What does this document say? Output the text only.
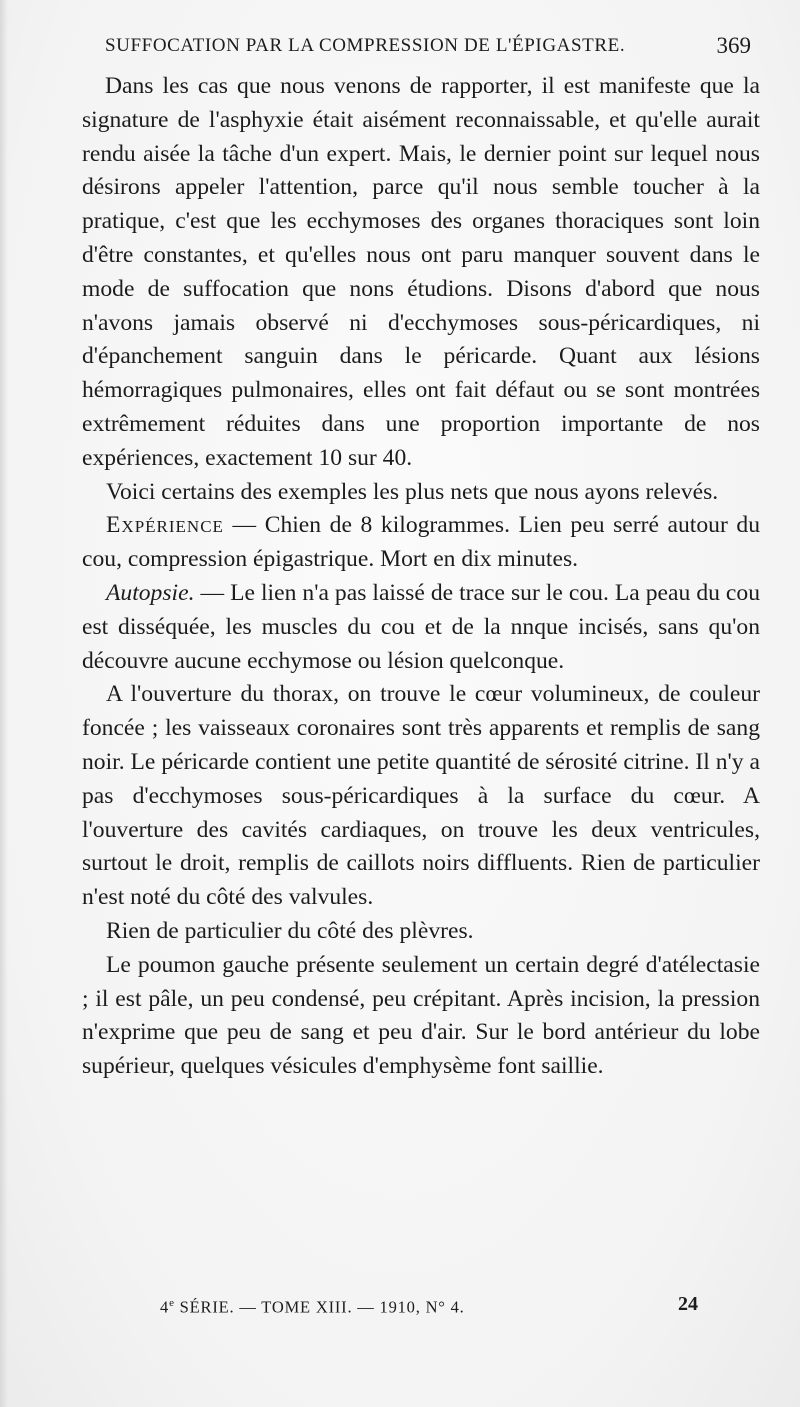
SUFFOCATION PAR LA COMPRESSION DE L'ÉPIGASTRE.	369

Dans les cas que nous venons de rapporter, il est manifeste que la signature de l'asphyxie était aisément reconnaissable, et qu'elle aurait rendu aisée la tâche d'un expert. Mais, le dernier point sur lequel nous désirons appeler l'attention, parce qu'il nous semble toucher à la pratique, c'est que les ecchymoses des organes thoraciques sont loin d'être constantes, et qu'elles nous ont paru manquer souvent dans le mode de suffocation que nons étudions. Disons d'abord que nous n'avons jamais observé ni d'ecchymoses sous-péricardiques, ni d'épanchement sanguin dans le péricarde. Quant aux lésions hémorragiques pulmonaires, elles ont fait défaut ou se sont montrées extrêmement réduites dans une proportion importante de nos expériences, exactement 10 sur 40.

Voici certains des exemples les plus nets que nous ayons relevés.

Expérience — Chien de 8 kilogrammes. Lien peu serré autour du cou, compression épigastrique. Mort en dix minutes.

Autopsie. — Le lien n'a pas laissé de trace sur le cou. La peau du cou est disséquée, les muscles du cou et de la nnque incisés, sans qu'on découvre aucune ecchymose ou lésion quelconque.

A l'ouverture du thorax, on trouve le cœur volumineux, de couleur foncée ; les vaisseaux coronaires sont très apparents et remplis de sang noir. Le péricarde contient une petite quantité de sérosité citrine. Il n'y a pas d'ecchymoses sous-péricardiques à la surface du cœur. A l'ouverture des cavités cardiaques, on trouve les deux ventricules, surtout le droit, remplis de caillots noirs diffluents. Rien de particulier n'est noté du côté des valvules.

Rien de particulier du côté des plèvres.

Le poumon gauche présente seulement un certain degré d'atélectasie ; il est pâle, un peu condensé, peu crépitant. Après incision, la pression n'exprime que peu de sang et peu d'air. Sur le bord antérieur du lobe supérieur, quelques vésicules d'emphysème font saillie.

4e SÉRIE. — TOME XIII. — 1910, N° 4.	24
